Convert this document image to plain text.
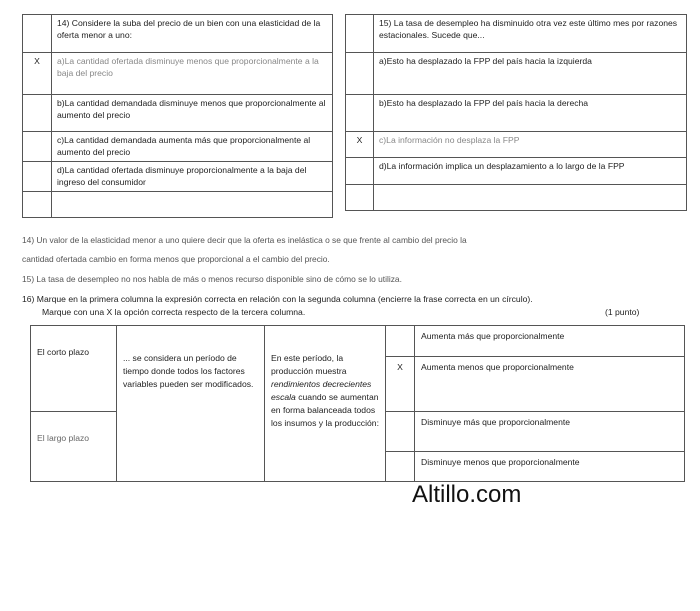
	14) Considere la suba del precio de un bien con una elasticidad de la oferta menor a uno:
X	a)La cantidad ofertada disminuye menos que proporcionalmente a la baja del precio
	b)La cantidad demandada disminuye menos que proporcionalmente al aumento del precio
	c)La cantidad demandada aumenta más que proporcionalmente al aumento del precio
	d)La cantidad ofertada disminuye proporcionalmente a la baja del ingreso del consumidor

	15) La tasa de desempleo ha disminuido otra vez este último mes por razones estacionales. Sucede que...
	a)Esto ha desplazado la FPP del país hacia la izquierda
	b)Esto ha desplazado la FPP del país hacia la derecha
X	c)La información no desplaza la FPP
	d)La información implica un desplazamiento a lo largo de la FPP

14) Un valor de la elasticidad menor a uno quiere decir que la oferta es inelástica o se que frente al cambio del precio la
cantidad ofertada cambio en forma menos que proporcional a el cambio del precio.
15) La tasa de desempleo no nos habla de más o menos recurso disponible sino de cómo se lo utiliza.
16) Marque en la primera columna la expresión correcta en relación con la segunda columna (encierre la frase correcta en un círculo).
Marque con una X la opción correcta respecto de la tercera columna.	(1 punto)
El corto plazo	... se considera un período de tiempo donde todos los factores variables pueden ser modificados.	En este período, la producción muestra rendimientos decrecientes escala cuando se aumentan en forma balanceada todos los insumos y la producción:		Aumenta más que proporcionalmente
			X	Aumenta menos que proporcionalmente
El largo plazo				Disminuye más que proporcionalmente
				Disminuye menos que proporcionalmente
Altillo.com
